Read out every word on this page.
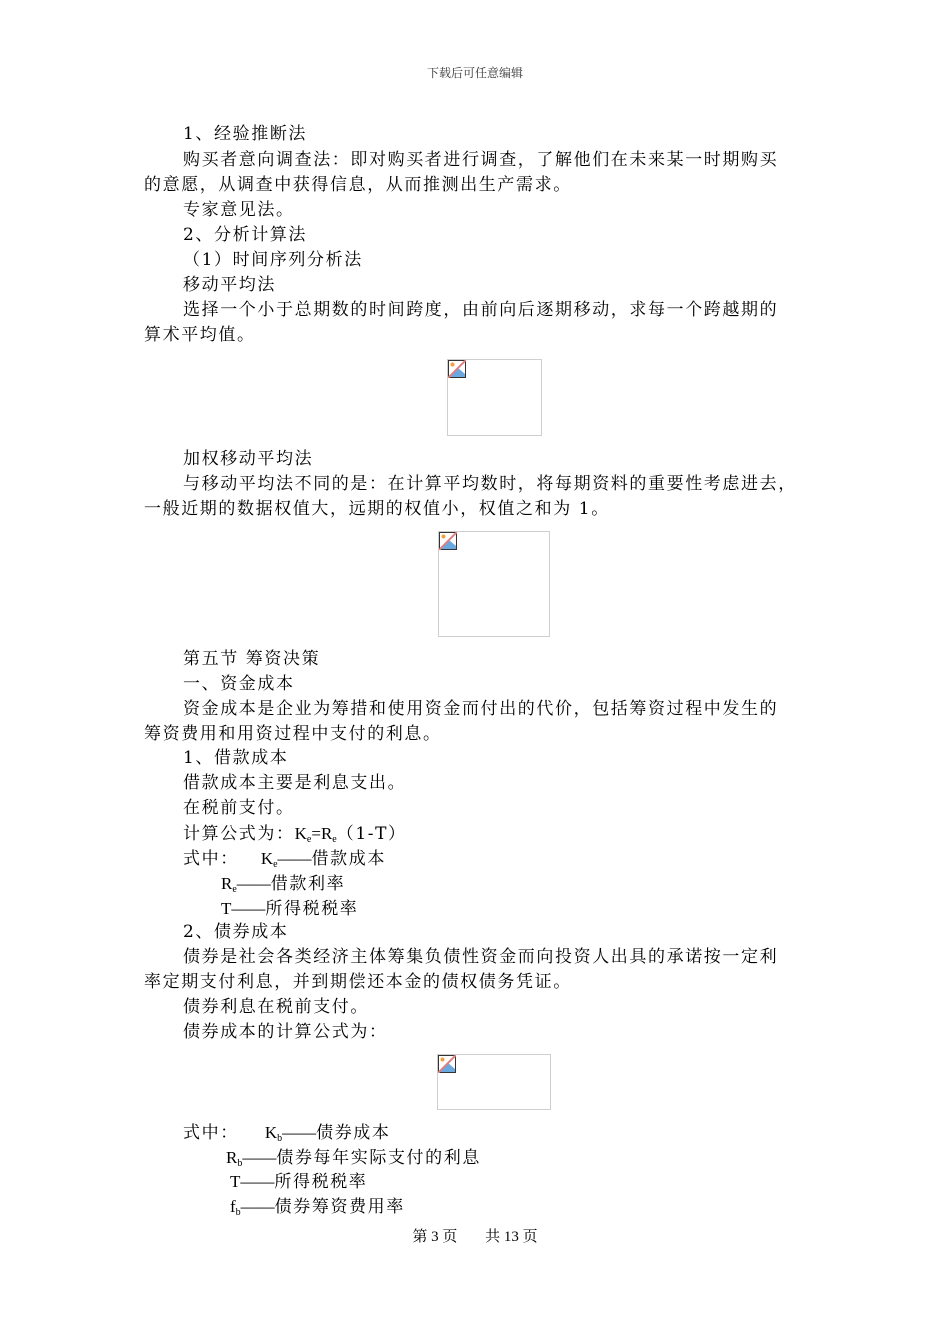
下载后可任意编辑
1、经验推断法
购买者意向调查法：即对购买者进行调查，了解他们在未来某一时期购买
的意愿，从调查中获得信息，从而推测出生产需求。
专家意见法。
2、分析计算法
（1）时间序列分析法
移动平均法
选择一个小于总期数的时间跨度，由前向后逐期移动，求每一个跨越期的
算术平均值。
加权移动平均法
与移动平均法不同的是：在计算平均数时，将每期资料的重要性考虑进去，
一般近期的数据权值大，远期的权值小，权值之和为 1。
第五节 筹资决策
一、资金成本
资金成本是企业为筹措和使用资金而付出的代价，包括筹资过程中发生的
筹资费用和用资过程中支付的利息。
1、借款成本
借款成本主要是利息支出。
在税前支付。
计算公式为：$K_e=R_e(1-T)$
式中： $K_e——$借款成本
$R_e——$借款利率
T——所得税税率
2、债券成本
债券是社会各类经济主体筹集负债性资金而向投资人出具的承诺按一定利
率定期支付利息，并到期偿还本金的债权债务凭证。
债券利息在税前支付。
债券成本的计算公式为：
式中： $K_b——$债券成本
$R_b——$债券每年实际支付的利息
T——所得税税率
$f_b——$债券筹资费用率
第 3 页 共 13 页
